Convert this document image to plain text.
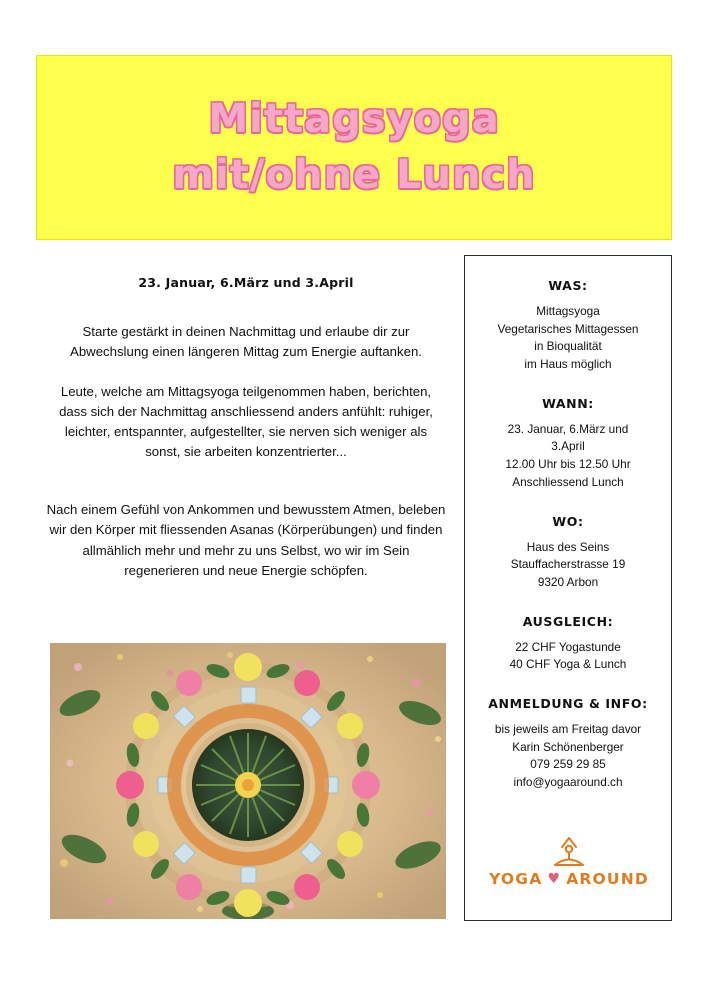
Mittagsyoga
mit/ohne Lunch

23. Januar, 6.März und 3.April

Starte gestärkt in deinen Nachmittag und erlaube dir zur Abwechslung einen längeren Mittag zum Energie auftanken.

Leute, welche am Mittagsyoga teilgenommen haben, berichten, dass sich der Nachmittag anschliessend anders anfühlt: ruhiger, leichter, entspannter, aufgestellter, sie nerven sich weniger als sonst, sie arbeiten konzentrierter...

Nach einem Gefühl von Ankommen und bewusstem Atmen, beleben wir den Körper mit fliessenden Asanas (Körperübungen) und finden allmählich mehr und mehr zu uns Selbst, wo wir im Sein regenerieren und neue Energie schöpfen.

WAS:
Mittagsyoga
Vegetarisches Mittagessen
in Bioqualität
im Haus möglich
WANN:
23. Januar, 6.März und
3.April
12.00 Uhr bis 12.50 Uhr
Anschliessend Lunch
WO:
Haus des Seins
Stauffacherstrasse 19
9320 Arbon
AUSGLEICH:
22 CHF Yogastunde
40 CHF Yoga & Lunch
ANMELDUNG & INFO:
bis jeweils am Freitag davor
Karin Schönenberger
079 259 29 85
info@yogaaround.ch
YOGA ♥ AROUND
